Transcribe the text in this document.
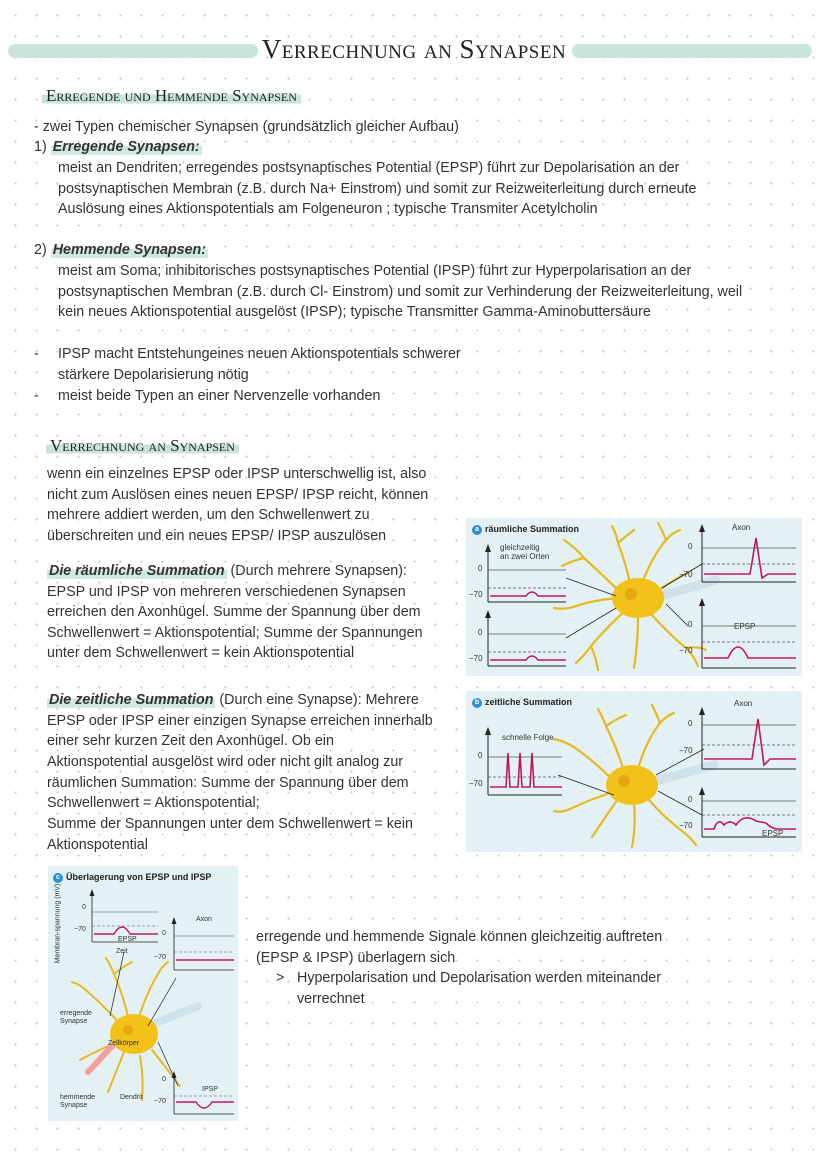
Verrechnung an Synapsen
Erregende und Hemmende Synapsen
- zwei Typen chemischer Synapsen (grundsätzlich gleicher Aufbau)
1) Erregende Synapsen:
meist an Dendriten; erregendes postsynaptisches Potential (EPSP) führt zur Depolarisation an der
postsynaptischen Membran (z.B. durch Na+ Einstrom) und somit zur Reizweiterleitung durch erneute
Auslösung eines Aktionspotentials am Folgeneuron ; typische Transmiter Acetylcholin
2) Hemmende Synapsen:
meist am Soma; inhibitorisches postsynaptisches Potential (IPSP) führt zur Hyperpolarisation an der
postsynaptischen Membran (z.B. durch Cl- Einstrom) und somit zur Verhinderung der Reizweiterleitung, weil
kein neues Aktionspotential ausgelöst (IPSP); typische Transmitter Gamma-Aminobuttersäure
- IPSP macht Entstehungeines neuen Aktionspotentials schwerer
stärkere Depolarisierung nötig
- meist beide Typen an einer Nervenzelle vorhanden
Verrechnung an Synapsen
wenn ein einzelnes EPSP oder IPSP unterschwellig ist, also
nicht zum Auslösen eines neuen EPSP/ IPSP reicht, können
mehrere addiert werden, um den Schwellenwert zu
überschreiten und ein neues EPSP/ IPSP auszulösen
Die räumliche Summation (Durch mehrere Synapsen):
EPSP und IPSP von mehreren verschiedenen Synapsen
erreichen den Axonhügel. Summe der Spannung über dem
Schwellenwert = Aktionspotential; Summe der Spannungen
unter dem Schwellenwert = kein Aktionspotential
Die zeitliche Summation (Durch eine Synapse): Mehrere
EPSP oder IPSP einer einzigen Synapse erreichen innerhalb
einer sehr kurzen Zeit den Axonhügel. Ob ein
Aktionspotential ausgelöst wird oder nicht gilt analog zur
räumlichen Summation: Summe der Spannung über dem
Schwellenwert = Aktionspotential;
Summe der Spannungen unter dem Schwellenwert = kein
Aktionspotential
erregende und hemmende Signale können gleichzeitig auftreten
(EPSP & IPSP) überlagern sich
> Hyperpolarisation und Depolarisation werden miteinander
verrechnet
a räumliche Summation
gleichzeitig
an zwei Orten
0
−70
0
−70
Axon
0
−70
0
−70
EPSP
b zeitliche Summation
schnelle Folge
0
−70
Axon
0
−70
0
−70
EPSP
c Überlagerung von EPSP und IPSP
Membran-spannung (mV)	0
−70
EPSP
Zeit
Axon
0
−70
erregende
Synapse
Zellkörper
0
IPSP
−70
hemmende
Synapse
Dendrit
